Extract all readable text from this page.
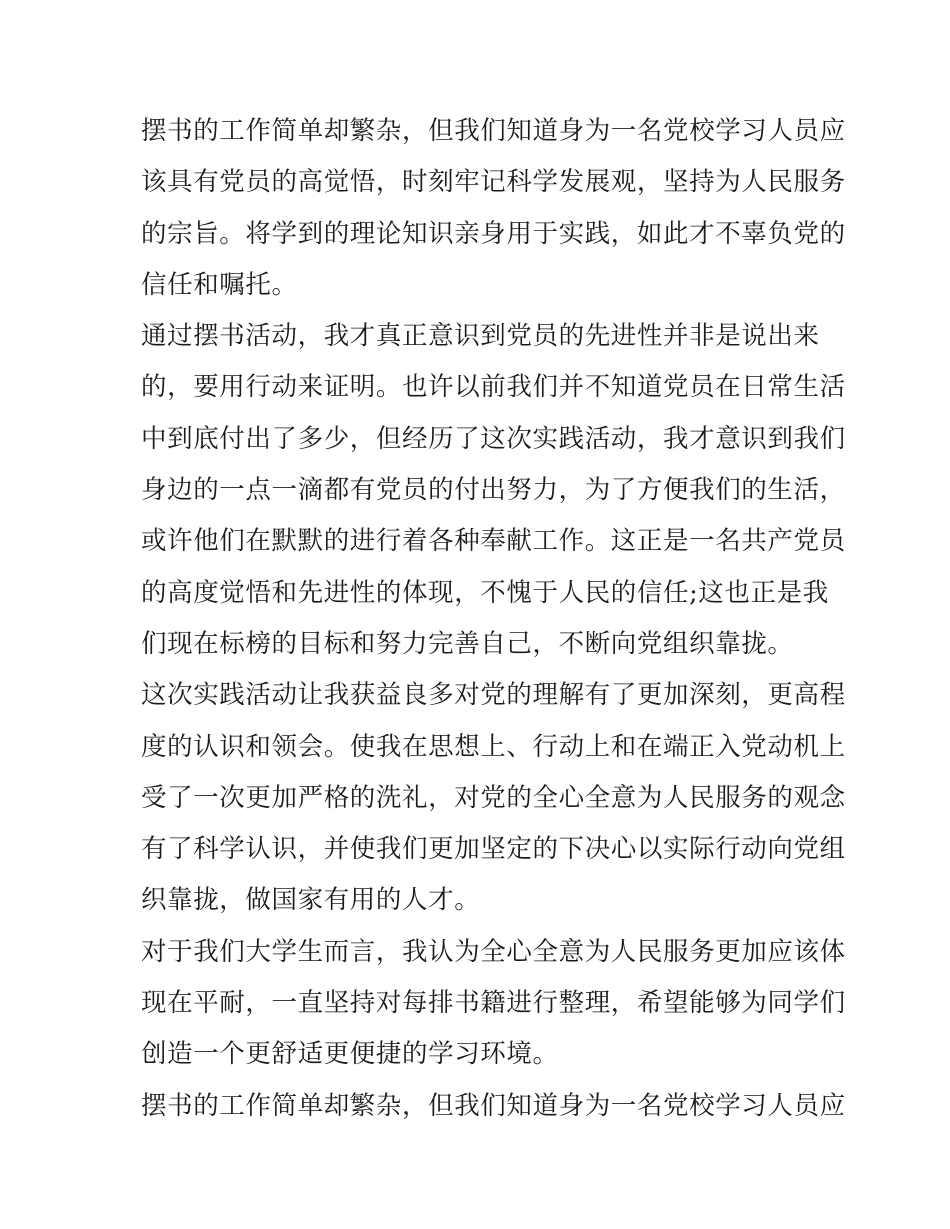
摆书的工作简单却繁杂，但我们知道身为一名党校学习人员应
该具有党员的高觉悟，时刻牢记科学发展观，坚持为人民服务
的宗旨。将学到的理论知识亲身用于实践，如此才不辜负党的
信任和嘱托。
通过摆书活动，我才真正意识到党员的先进性并非是说出来
的，要用行动来证明。也许以前我们并不知道党员在日常生活
中到底付出了多少，但经历了这次实践活动，我才意识到我们
身边的一点一滴都有党员的付出努力，为了方便我们的生活，
或许他们在默默的进行着各种奉献工作。这正是一名共产党员
的高度觉悟和先进性的体现，不愧于人民的信任;这也正是我
们现在标榜的目标和努力完善自己，不断向党组织靠拢。
这次实践活动让我获益良多对党的理解有了更加深刻，更高程
度的认识和领会。使我在思想上、行动上和在端正入党动机上
受了一次更加严格的洗礼，对党的全心全意为人民服务的观念
有了科学认识，并使我们更加坚定的下决心以实际行动向党组
织靠拢，做国家有用的人才。
对于我们大学生而言，我认为全心全意为人民服务更加应该体
现在平耐，一直坚持对每排书籍进行整理，希望能够为同学们
创造一个更舒适更便捷的学习环境。
摆书的工作简单却繁杂，但我们知道身为一名党校学习人员应
